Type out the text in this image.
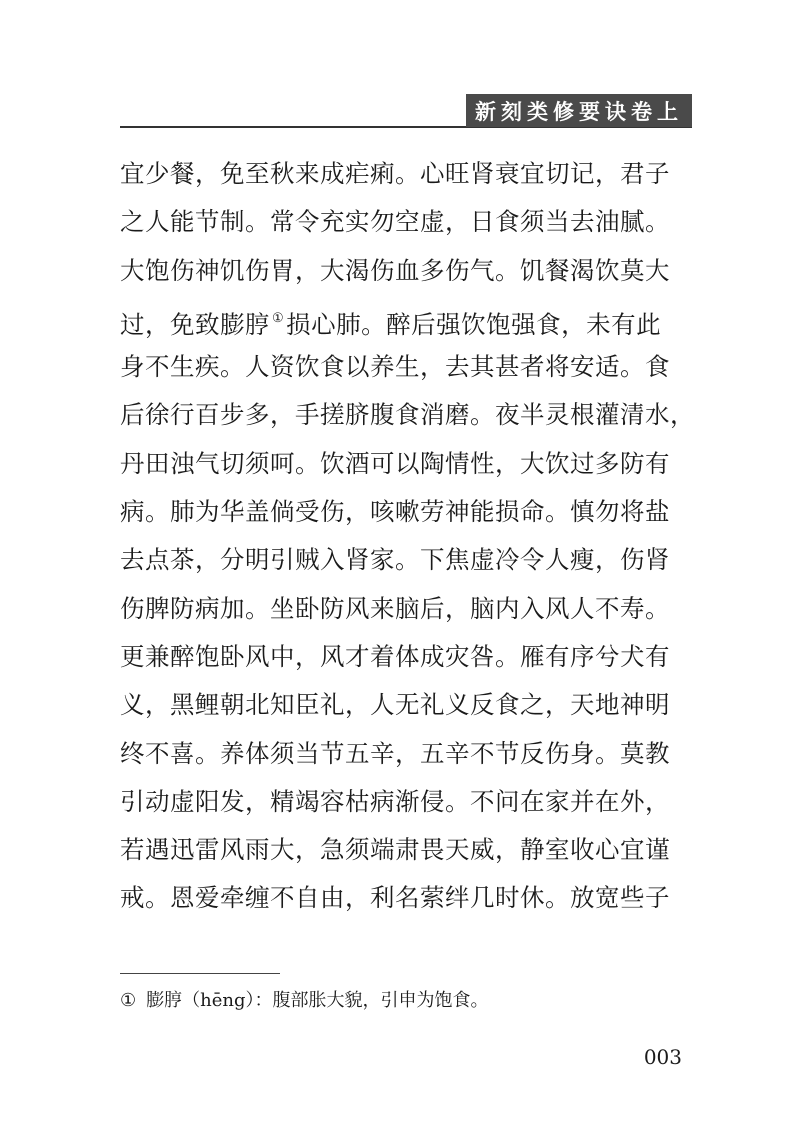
新刻类修要诀卷上
宜少餐，免至秋来成疟痢。心旺肾衰宜切记，君子
之人能节制。常令充实勿空虚，日食须当去油腻。
大饱伤神饥伤胃，大渴伤血多伤气。饥餐渴饮莫大
过，免致膨脝 ①损心肺。醉后强饮饱强食，未有此
身不生疾。人资饮食以养生，去其甚者将安适。食
后徐行百步多，手搓脐腹食消磨。夜半灵根灌清水，
丹田浊气切须呵。饮酒可以陶情性，大饮过多防有
病。肺为华盖倘受伤，咳嗽劳神能损命。慎勿将盐
去点茶，分明引贼入肾家。下焦虚冷令人瘦，伤肾
伤脾防病加。坐卧防风来脑后，脑内入风人不寿。
更兼醉饱卧风中，风才着体成灾咎。雁有序兮犬有
义，黑鲤朝北知臣礼，人无礼义反食之，天地神明
终不喜。养体须当节五辛，五辛不节反伤身。莫教
引动虚阳发，精竭容枯病渐侵。不问在家并在外，
若遇迅雷风雨大，急须端肃畏天威，静室收心宜谨
戒。恩爱牵缠不自由，利名萦绊几时休。放宽些子
① 膨脝（hēng）：腹部胀大貌，引申为饱食。
003
